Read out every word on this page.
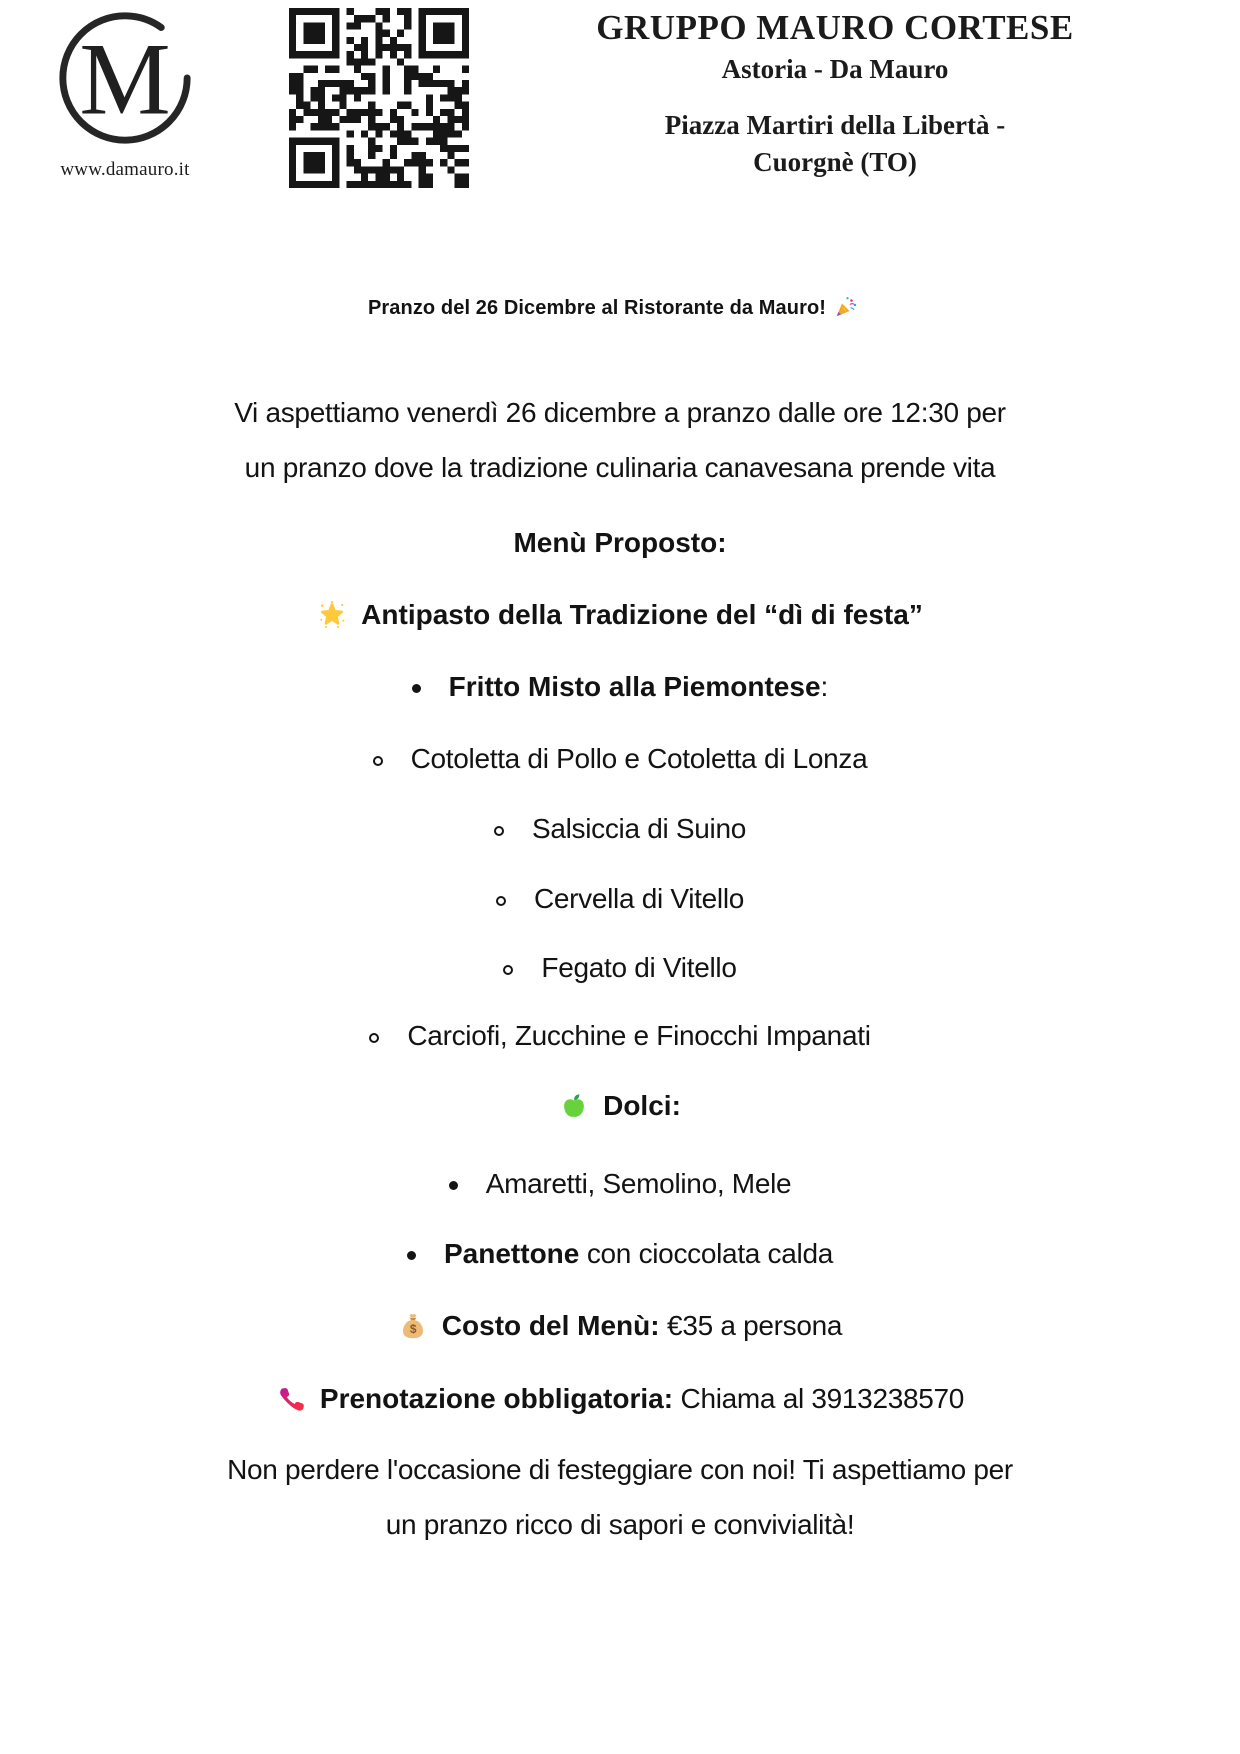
M
www.damauro.it
GRUPPO MAURO CORTESE
Astoria - Da Mauro
Piazza Martiri della Libertà -
Cuorgnè (TO)
Pranzo del 26 Dicembre al Ristorante da Mauro!
Vi aspettiamo venerdì 26 dicembre a pranzo dalle ore 12:30 per
un pranzo dove la tradizione culinaria canavesana prende vita
Menù Proposto:
Antipasto della Tradizione del “dì di festa”
Fritto Misto alla Piemontese:
Cotoletta di Pollo e Cotoletta di Lonza
Salsiccia di Suino
Cervella di Vitello
Fegato di Vitello
Carciofi, Zucchine e Finocchi Impanati
Dolci:
Amaretti, Semolino, Mele
Panettone con cioccolata calda
$ Costo del Menù: €35 a persona
Prenotazione obbligatoria: Chiama al 3913238570
Non perdere l'occasione di festeggiare con noi! Ti aspettiamo per
un pranzo ricco di sapori e convivialità!
